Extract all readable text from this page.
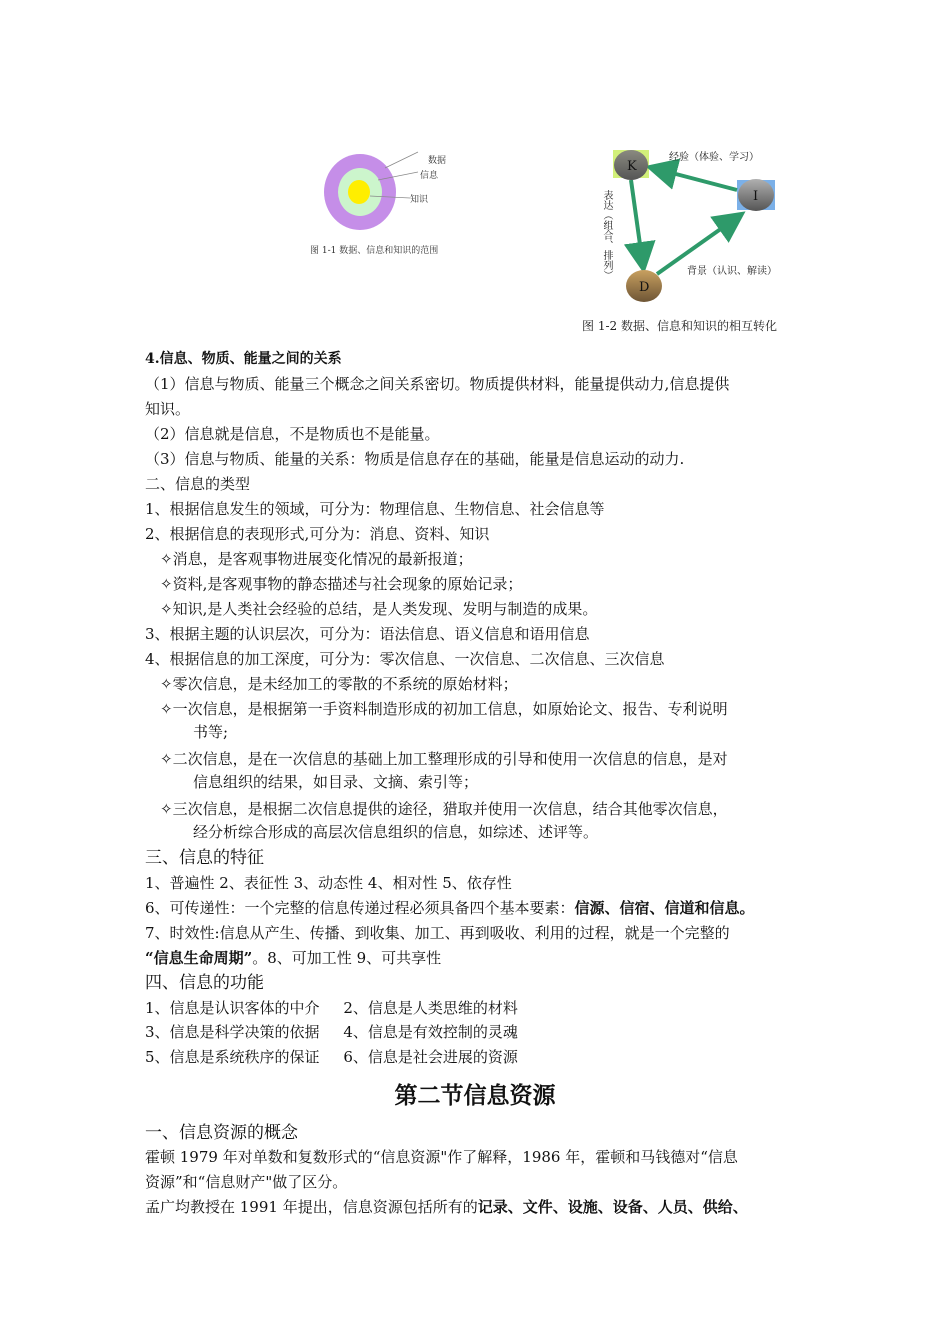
数据
信息
知识
图 1-1 数据、信息和知识的范围
K
I
D
经验（体验、学习）
背景（认识、解读）
表达（组合、排列）
图 1-2 数据、信息和知识的相互转化
4.信息、物质、能量之间的关系
（1）信息与物质、能量三个概念之间关系密切。物质提供材料，能量提供动力,信息提供
知识。
（2）信息就是信息，不是物质也不是能量。
（3）信息与物质、能量的关系：物质是信息存在的基础，能量是信息运动的动力.
二、信息的类型
1、根据信息发生的领域，可分为：物理信息、生物信息、社会信息等
2、根据信息的表现形式,可分为：消息、资料、知识
✧消息，是客观事物进展变化情况的最新报道；
✧资料,是客观事物的静态描述与社会现象的原始记录；
✧知识,是人类社会经验的总结，是人类发现、发明与制造的成果。
3、根据主题的认识层次，可分为：语法信息、语义信息和语用信息
4、根据信息的加工深度，可分为：零次信息、一次信息、二次信息、三次信息
✧零次信息，是未经加工的零散的不系统的原始材料；
✧一次信息，是根据第一手资料制造形成的初加工信息，如原始论文、报告、专利说明
书等;
✧二次信息，是在一次信息的基础上加工整理形成的引导和使用一次信息的信息，是对
信息组织的结果，如目录、文摘、索引等；
✧三次信息，是根据二次信息提供的途径，猎取并使用一次信息，结合其他零次信息，
经分析综合形成的高层次信息组织的信息，如综述、述评等。
三、信息的特征
1、普遍性 2、表征性 3、动态性 4、相对性 5、依存性
6、可传递性：一个完整的信息传递过程必须具备四个基本要素：信源、信宿、信道和信息。
7、时效性:信息从产生、传播、到收集、加工、再到吸收、利用的过程，就是一个完整的
“信息生命周期”。8、可加工性 9、可共享性
四、信息的功能
1、信息是认识客体的中介     2、信息是人类思维的材料
3、信息是科学决策的依据     4、信息是有效控制的灵魂
5、信息是系统秩序的保证     6、信息是社会进展的资源
第二节信息资源
一、信息资源的概念
霍顿 1979 年对单数和复数形式的“信息资源"作了解释，1986 年，霍顿和马钱德对“信息
资源”和“信息财产"做了区分。
孟广均教授在 1991 年提出，信息资源包括所有的记录、文件、设施、设备、人员、供给、
